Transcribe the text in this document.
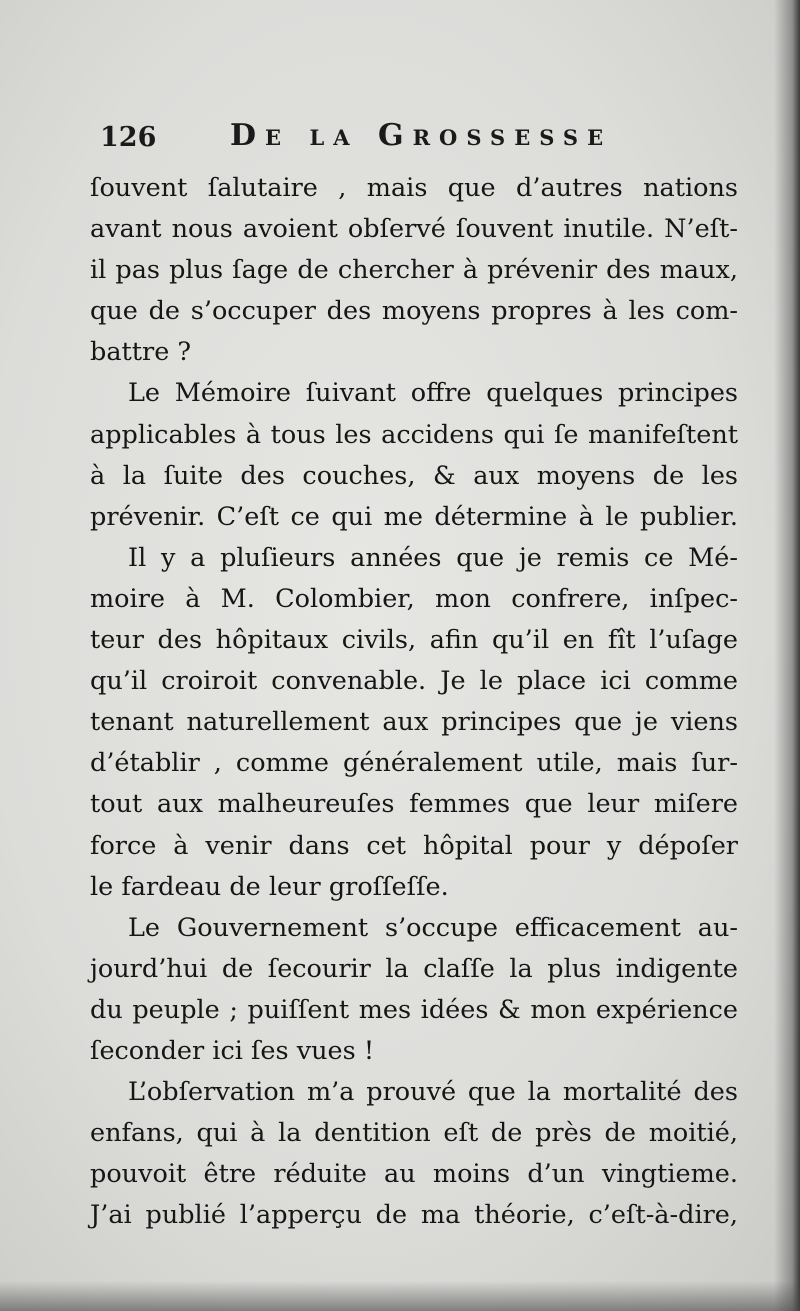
126 De la Grossesse
ſouvent ſalutaire , mais que d’autres nations
avant nous avoient obſervé ſouvent inutile. N’eſt-
il pas plus ſage de chercher à prévenir des maux,
que de s’occuper des moyens propres à les com-
battre ?
Le Mémoire ſuivant offre quelques principes
applicables à tous les accidens qui ſe manifeſtent
à la ſuite des couches, & aux moyens de les
prévenir. C’eſt ce qui me détermine à le publier.
Il y a pluſieurs années que je remis ce Mé-
moire à M. Colombier, mon confrere, inſpec-
teur des hôpitaux civils, afin qu’il en fît l’uſage
qu’il croiroit convenable. Je le place ici comme
tenant naturellement aux principes que je viens
d’établir , comme généralement utile, mais ſur-
tout aux malheureuſes femmes que leur miſere
force à venir dans cet hôpital pour y dépoſer
le fardeau de leur groſſeſſe.
Le Gouvernement s’occupe efficacement au-
jourd’hui de ſecourir la claſſe la plus indigente
du peuple ; puiſſent mes idées & mon expérience
ſeconder ici ſes vues !
L’obſervation m’a prouvé que la mortalité des
enfans, qui à la dentition eſt de près de moitié,
pouvoit être réduite au moins d’un vingtieme.
J’ai publié l’apperçu de ma théorie, c’eſt-à-dire,
